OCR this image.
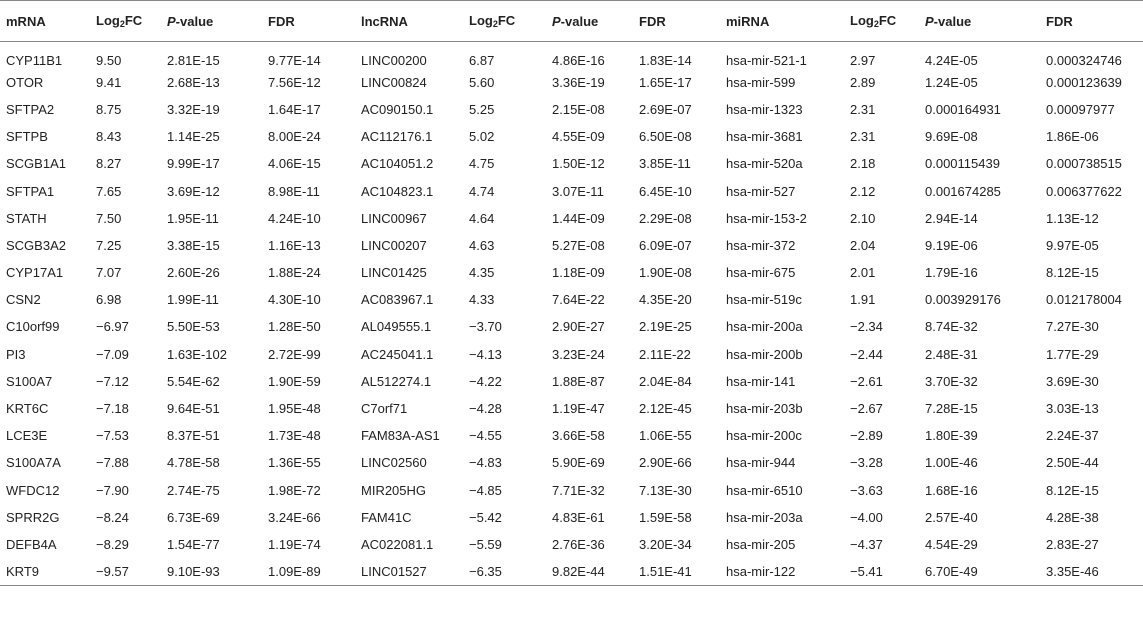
mRNA	Log$_2$FC	P-value	FDR	lncRNA	Log$_2$FC	P-value	FDR	miRNA	Log$_2$FC	P-value	FDR
CYP11B1	9.50	2.81E-15	9.77E-14	LINC00200	6.87	4.86E-16	1.83E-14	hsa-mir-521-1	2.97	4.24E-05	0.000324746
OTOR	9.41	2.68E-13	7.56E-12	LINC00824	5.60	3.36E-19	1.65E-17	hsa-mir-599	2.89	1.24E-05	0.000123639
SFTPA2	8.75	3.32E-19	1.64E-17	AC090150.1	5.25	2.15E-08	2.69E-07	hsa-mir-1323	2.31	0.000164931	0.00097977
SFTPB	8.43	1.14E-25	8.00E-24	AC112176.1	5.02	4.55E-09	6.50E-08	hsa-mir-3681	2.31	9.69E-08	1.86E-06
SCGB1A1	8.27	9.99E-17	4.06E-15	AC104051.2	4.75	1.50E-12	3.85E-11	hsa-mir-520a	2.18	0.000115439	0.000738515
SFTPA1	7.65	3.69E-12	8.98E-11	AC104823.1	4.74	3.07E-11	6.45E-10	hsa-mir-527	2.12	0.001674285	0.006377622
STATH	7.50	1.95E-11	4.24E-10	LINC00967	4.64	1.44E-09	2.29E-08	hsa-mir-153-2	2.10	2.94E-14	1.13E-12
SCGB3A2	7.25	3.38E-15	1.16E-13	LINC00207	4.63	5.27E-08	6.09E-07	hsa-mir-372	2.04	9.19E-06	9.97E-05
CYP17A1	7.07	2.60E-26	1.88E-24	LINC01425	4.35	1.18E-09	1.90E-08	hsa-mir-675	2.01	1.79E-16	8.12E-15
CSN2	6.98	1.99E-11	4.30E-10	AC083967.1	4.33	7.64E-22	4.35E-20	hsa-mir-519c	1.91	0.003929176	0.012178004
C10orf99	−6.97	5.50E-53	1.28E-50	AL049555.1	−3.70	2.90E-27	2.19E-25	hsa-mir-200a	−2.34	8.74E-32	7.27E-30
PI3	−7.09	1.63E-102	2.72E-99	AC245041.1	−4.13	3.23E-24	2.11E-22	hsa-mir-200b	−2.44	2.48E-31	1.77E-29
S100A7	−7.12	5.54E-62	1.90E-59	AL512274.1	−4.22	1.88E-87	2.04E-84	hsa-mir-141	−2.61	3.70E-32	3.69E-30
KRT6C	−7.18	9.64E-51	1.95E-48	C7orf71	−4.28	1.19E-47	2.12E-45	hsa-mir-203b	−2.67	7.28E-15	3.03E-13
LCE3E	−7.53	8.37E-51	1.73E-48	FAM83A-AS1	−4.55	3.66E-58	1.06E-55	hsa-mir-200c	−2.89	1.80E-39	2.24E-37
S100A7A	−7.88	4.78E-58	1.36E-55	LINC02560	−4.83	5.90E-69	2.90E-66	hsa-mir-944	−3.28	1.00E-46	2.50E-44
WFDC12	−7.90	2.74E-75	1.98E-72	MIR205HG	−4.85	7.71E-32	7.13E-30	hsa-mir-6510	−3.63	1.68E-16	8.12E-15
SPRR2G	−8.24	6.73E-69	3.24E-66	FAM41C	−5.42	4.83E-61	1.59E-58	hsa-mir-203a	−4.00	2.57E-40	4.28E-38
DEFB4A	−8.29	1.54E-77	1.19E-74	AC022081.1	−5.59	2.76E-36	3.20E-34	hsa-mir-205	−4.37	4.54E-29	2.83E-27
KRT9	−9.57	9.10E-93	1.09E-89	LINC01527	−6.35	9.82E-44	1.51E-41	hsa-mir-122	−5.41	6.70E-49	3.35E-46
